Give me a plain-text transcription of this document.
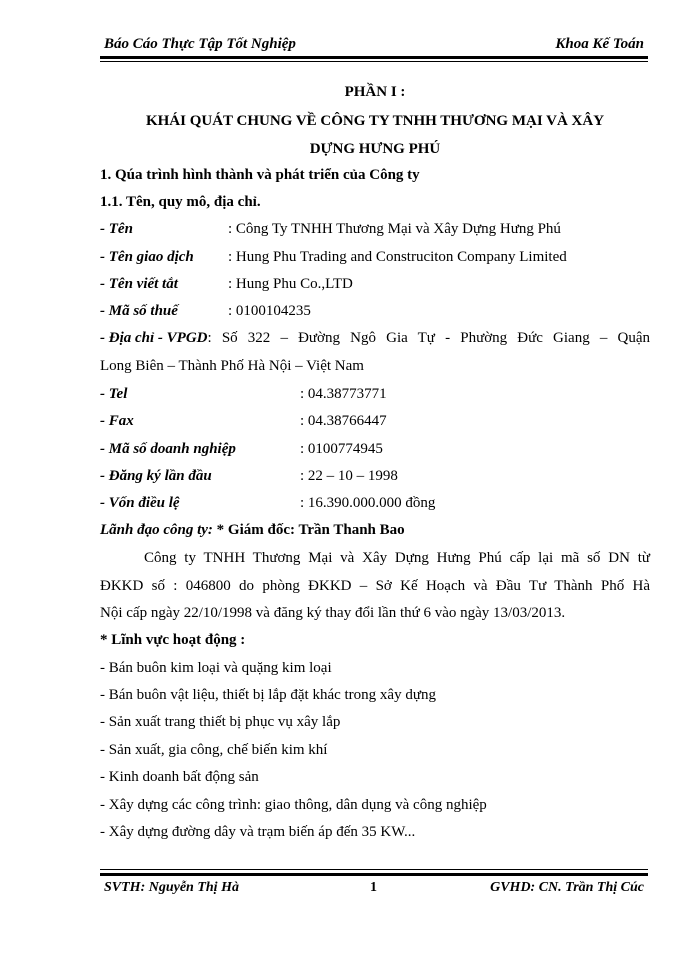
Báo Cáo Thực Tập Tốt Nghiệp	Khoa Kế Toán
PHẦN I :
KHÁI QUÁT CHUNG VỀ CÔNG TY TNHH THƯƠNG MẠI VÀ XÂY
DỰNG HƯNG PHÚ
1. Qúa trình hình thành và phát triển của Công ty
1.1. Tên, quy mô, địa chỉ.
- Tên	: Công Ty TNHH Thương Mại và Xây Dựng Hưng Phú
- Tên giao dịch : Hung Phu Trading and Construciton Company Limited
- Tên viết tắt	: Hung Phu Co.,LTD
- Mã số thuế	: 0100104235
- Địa chỉ - VPGD: Số 322 – Đường Ngô Gia Tự - Phường Đức Giang – Quận
Long Biên – Thành Phố Hà Nội – Việt Nam
- Tel	: 04.38773771
- Fax	: 04.38766447
- Mã số doanh nghiệp	: 0100774945
- Đăng ký lần đầu	: 22 – 10 – 1998
- Vốn điều lệ	: 16.390.000.000 đồng
Lãnh đạo công ty: * Giám đốc: Trần Thanh Bao
Công ty TNHH Thương Mại và Xây Dựng Hưng Phú cấp lại mã số DN từ
ĐKKD số : 046800 do phòng ĐKKD – Sở Kế Hoạch và Đầu Tư Thành Phố Hà
Nội cấp ngày 22/10/1998 và đăng ký thay đổi lần thứ 6 vào ngày 13/03/2013.
* Lĩnh vực hoạt động :
- Bán buôn kim loại và quặng kim loại
- Bán buôn vật liệu, thiết bị lắp đặt khác trong xây dựng
- Sản xuất trang thiết bị phục vụ xây lắp
- Sản xuất, gia công, chế biến kim khí
- Kinh doanh bất động sản
- Xây dựng các công trình: giao thông, dân dụng và công nghiệp
- Xây dựng đường dây và trạm biến áp đến 35 KW...
SVTH: Nguyễn Thị Hà	1	GVHD: CN. Trần Thị Cúc
